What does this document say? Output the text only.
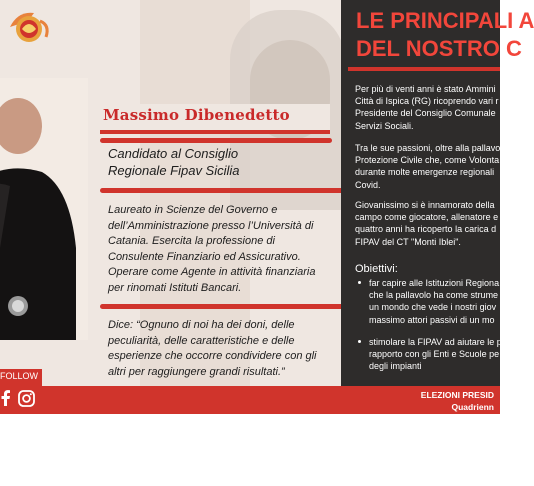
Massimo Dibenedetto
Candidato al Consiglio
Regionale Fipav Sicilia
Laureato in Scienze del Governo e dell’Amministrazione presso l’Università di Catania. Esercita la professione di Consulente Finanziario ed Assicurativo. Operare come Agente in attività finanziaria per rinomati Istituti Bancari.
Dice: “Ognuno di noi ha dei doni, delle peculiarità, delle caratteristiche e delle esperienze che occorre condividere con gli altri per raggiungere grandi risultati.”
FOLLOW
LE PRINCIPALI A
DEL NOSTRO C
Per più di venti anni è stato Ammini
Città di Ispica (RG) ricoprendo vari r
Presidente del Consiglio Comunale
Servizi Sociali.
Tra le sue passioni, oltre alla pallavo
Protezione Civile che, come Volonta
durante molte emergenze regionali
Covid.
Giovanissimo si è innamorato della
campo come giocatore, allenatore e
quattro anni ha ricoperto la carica d
FIPAV del CT "Monti Iblei".
Obiettivi:
far capire alle Istituzioni Regiona
che la pallavolo ha come strume
un mondo che vede i nostri giov
massimo attori passivi di un mo
stimolare la FIPAV ad aiutare le p
rapporto con gli Enti e Scuole pe
degli impianti
ELEZIONI PRESID
Quadrienn
